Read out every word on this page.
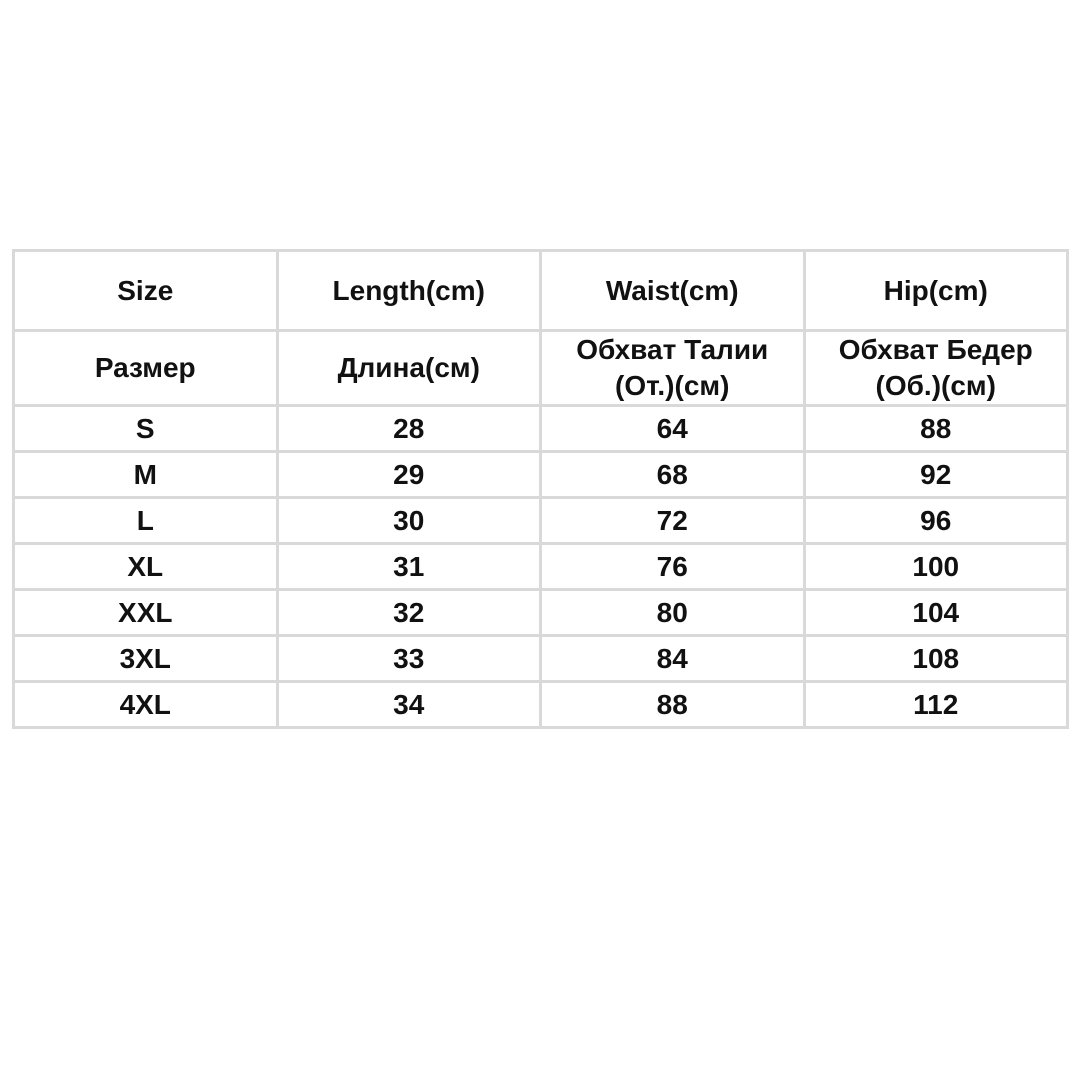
Size	Length(cm)	Waist(cm)	Hip(cm)
Размер	Длина(см)	Обхват Талии (От.)(см)	Обхват Бедер (Об.)(см)
S	28	64	88
M	29	68	92
L	30	72	96
XL	31	76	100
XXL	32	80	104
3XL	33	84	108
4XL	34	88	112
